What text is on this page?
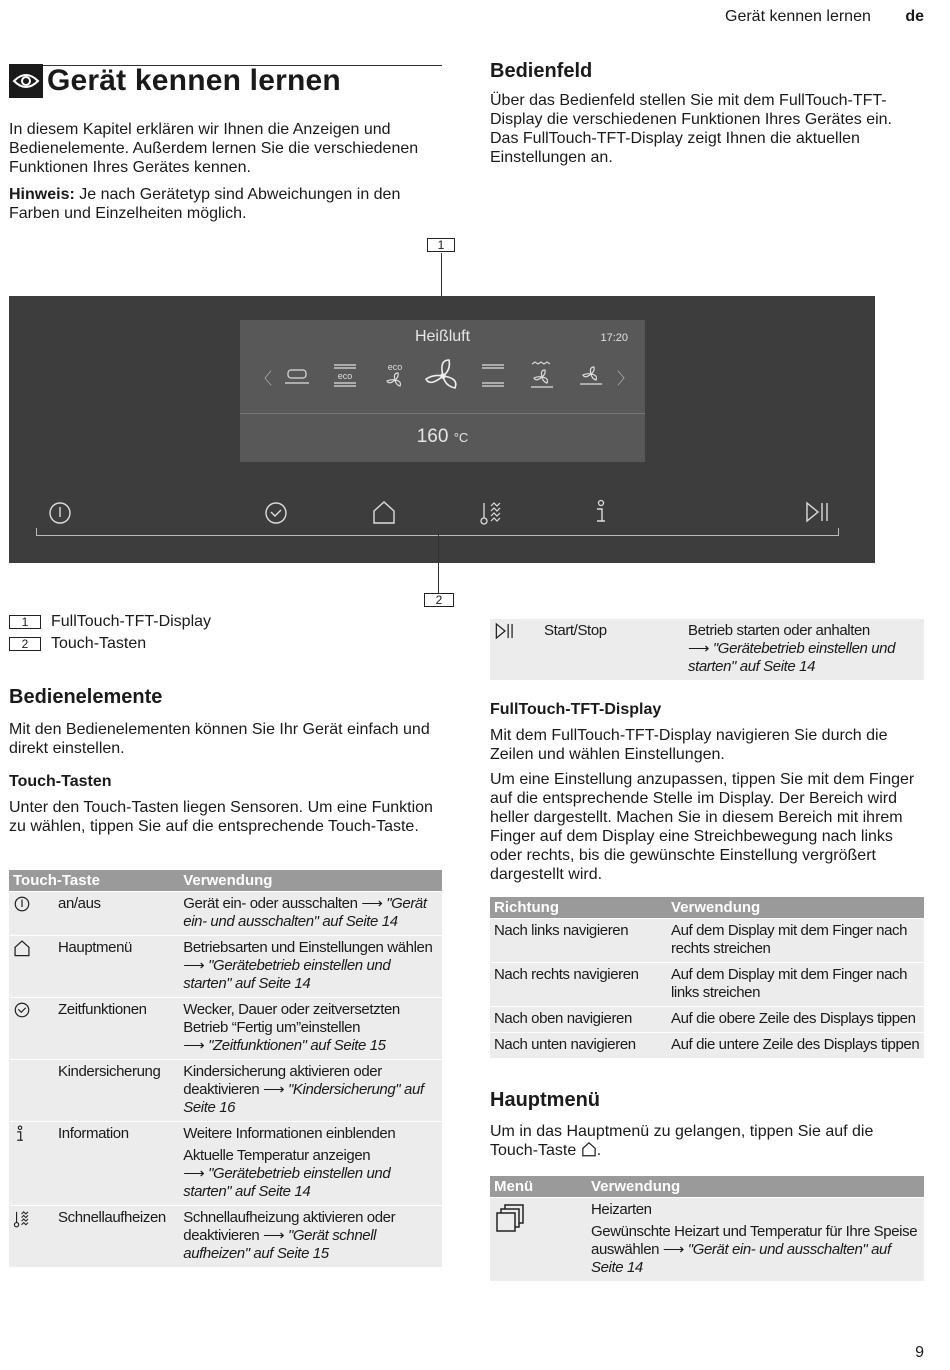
Gerät kennen lernen de
Gerät kennen lernen

In diesem Kapitel erklären wir Ihnen die Anzeigen und Bedienelemente. Außerdem lernen Sie die verschiedenen Funktionen Ihres Gerätes kennen.

Hinweis: Je nach Gerätetyp sind Abweichungen in den Farben und Einzelheiten möglich.

Bedienfeld

Über das Bedienfeld stellen Sie mit dem FullTouch-TFT-Display die verschiedenen Funktionen Ihres Gerätes ein. Das FullTouch-TFT-Display zeigt Ihnen die aktuellen Einstellungen an.

1
Heißluft	17:20
〈	〉
eco
eco
160 °C
2
1 FullTouch-TFT-Display
2 Touch-Tasten
Bedienelemente

Mit den Bedienelementen können Sie Ihr Gerät einfach und direkt einstellen.

Touch-Tasten

Unter den Touch-Tasten liegen Sensoren. Um eine Funktion zu wählen, tippen Sie auf die entsprechende Touch-Taste.

Touch-Taste		Verwendung
	an/aus	Gerät ein- oder ausschalten ⟶ "Gerät ein- und ausschalten" auf Seite 14
	Hauptmenü	Betriebsarten und Einstellungen wählen ⟶ "Gerätebetrieb einstellen und starten" auf Seite 14
	Zeitfunktionen	Wecker, Dauer oder zeitversetzten Betrieb “Fertig um”einstellen
⟶ "Zeitfunktionen" auf Seite 15
	Kindersicherung	Kindersicherung aktivieren oder deaktivieren ⟶ "Kindersicherung" auf Seite 16
	Information	Weitere Informationen einblenden
Aktuelle Temperatur anzeigen
⟶ "Gerätebetrieb einstellen und starten" auf Seite 14
	Schnellaufheizen	Schnellaufheizung aktivieren oder deaktivieren ⟶ "Gerät schnell aufheizen" auf Seite 15
	Start/Stop	Betrieb starten oder anhalten
⟶ "Gerätebetrieb einstellen und starten" auf Seite 14
FullTouch-TFT-Display

Mit dem FullTouch-TFT-Display navigieren Sie durch die Zeilen und wählen Einstellungen.

Um eine Einstellung anzupassen, tippen Sie mit dem Finger auf die entsprechende Stelle im Display. Der Bereich wird heller dargestellt. Machen Sie in diesem Bereich mit ihrem Finger auf dem Display eine Streichbewegung nach links oder rechts, bis die gewünschte Einstellung vergrößert dargestellt wird.

Richtung	Verwendung
Nach links navigieren	Auf dem Display mit dem Finger nach rechts streichen
Nach rechts navigieren	Auf dem Display mit dem Finger nach links streichen
Nach oben navigieren	Auf die obere Zeile des Displays tippen
Nach unten navigieren	Auf die untere Zeile des Displays tippen
Hauptmenü

Um in das Hauptmenü zu gelangen, tippen Sie auf die Touch-Taste .

Menü	Verwendung

Heizarten
Gewünschte Heizart und Temperatur für Ihre Speise auswählen ⟶ "Gerät ein- und ausschalten" auf Seite 14
9
